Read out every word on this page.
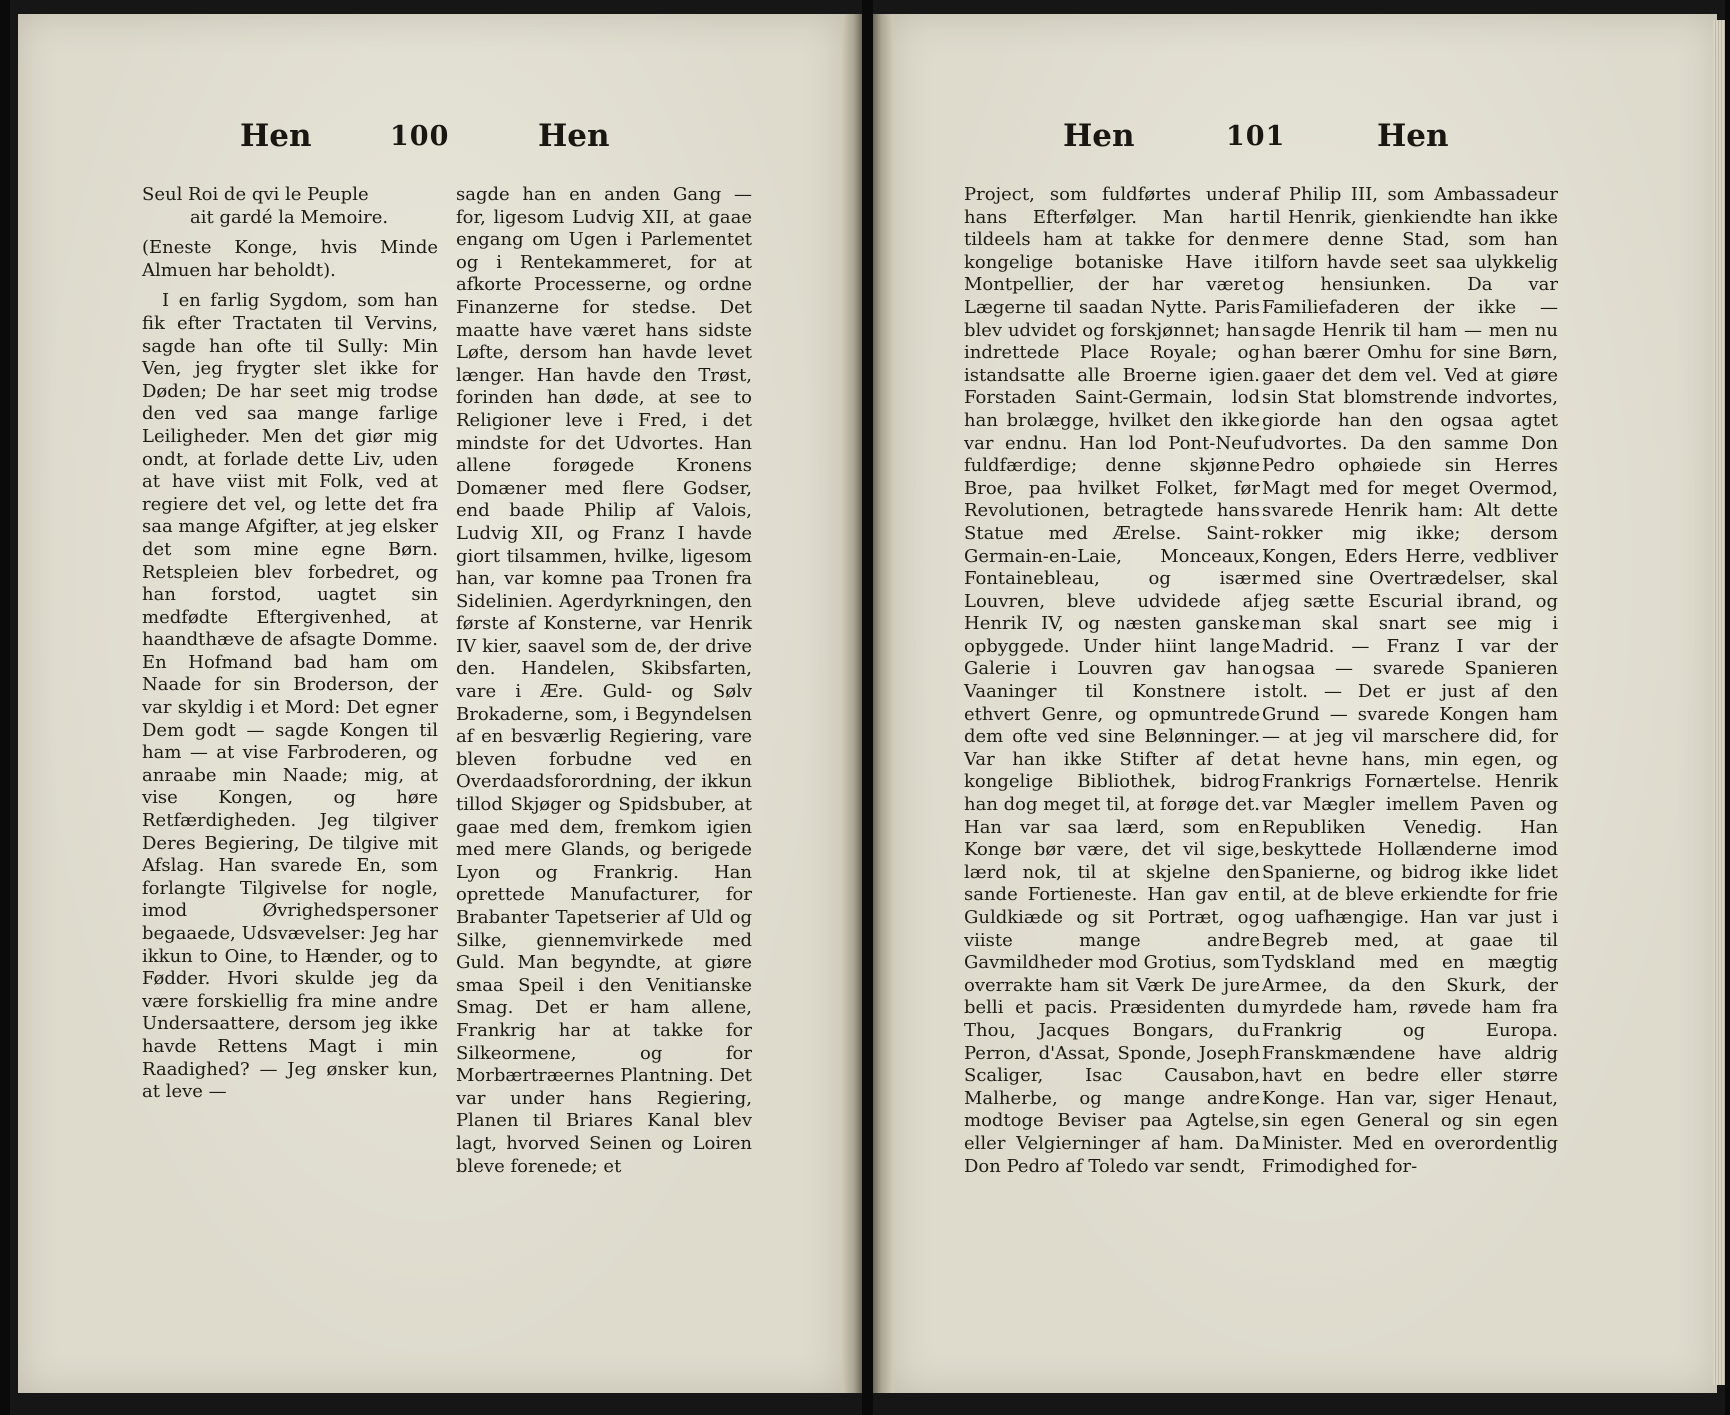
Hen	100	Hen

Seul Roi de qvi le Peuple

ait gardé la Memoire.

(Eneste Konge, hvis Minde Almuen har beholdt).

I en farlig Sygdom, som han fik efter Tractaten til Vervins, sagde han ofte til Sully: Min Ven, jeg frygter slet ikke for Døden; De har seet mig trodse den ved saa mange farlige Leiligheder. Men det giør mig ondt, at forlade dette Liv, uden at have viist mit Folk, ved at regiere det vel, og lette det fra saa mange Afgifter, at jeg elsker det som mine egne Børn. Retspleien blev forbedret, og han forstod, uagtet sin medfødte Eftergivenhed, at haandthæve de afsagte Domme. En Hofmand bad ham om Naade for sin Broderson, der var skyldig i et Mord: Det egner Dem godt — sagde Kongen til ham — at vise Farbroderen, og anraabe min Naade; mig, at vise Kongen, og høre Retfærdigheden. Jeg tilgiver Deres Begiering, De tilgive mit Afslag. Han svarede En, som forlangte Tilgivelse for nogle, imod Øvrighedspersoner begaaede, Udsvævelser: Jeg har ikkun to Oine, to Hænder, og to Fødder. Hvori skulde jeg da være forskiellig fra mine andre Undersaattere, dersom jeg ikke havde Rettens Magt i min Raadighed? — Jeg ønsker kun, at leve —

sagde han en anden Gang — for, ligesom Ludvig XII, at gaae engang om Ugen i Parlementet og i Rentekammeret, for at afkorte Processerne, og ordne Finanzerne for stedse. Det maatte have været hans sidste Løfte, dersom han havde levet længer. Han havde den Trøst, forinden han døde, at see to Religioner leve i Fred, i det mindste for det Udvortes. Han allene forøgede Kronens Domæner med flere Godser, end baade Philip af Valois, Ludvig XII, og Franz I havde giort tilsammen, hvilke, ligesom han, var komne paa Tronen fra Sidelinien. Agerdyrkningen, den første af Konsterne, var Henrik IV kier, saavel som de, der drive den. Handelen, Skibsfarten, vare i Ære. Guld- og Sølv Brokaderne, som, i Begyndelsen af en besværlig Regiering, vare bleven forbudne ved en Overdaadsforordning, der ikkun tillod Skjøger og Spidsbuber, at gaae med dem, fremkom igien med mere Glands, og berigede Lyon og Frankrig. Han oprettede Manufacturer, for Brabanter Tapetserier af Uld og Silke, giennemvirkede med Guld. Man begyndte, at giøre smaa Speil i den Venitianske Smag. Det er ham allene, Frankrig har at takke for Silkeormene, og for Morbærtræernes Plantning. Det var under hans Regiering, Planen til Briares Kanal blev lagt, hvorved Seinen og Loiren bleve forenede; et

Hen	101	Hen

Project, som fuldførtes under hans Efterfølger. Man har tildeels ham at takke for den kongelige botaniske Have i Montpellier, der har været Lægerne til saadan Nytte. Paris blev udvidet og forskjønnet; han indrettede Place Royale; og istandsatte alle Broerne igien. Forstaden Saint-Germain, lod han brolægge, hvilket den ikke var endnu. Han lod Pont-Neuf fuldfærdige; denne skjønne Broe, paa hvilket Folket, før Revolutionen, betragtede hans Statue med Ærelse. Saint-Germain-en-Laie, Monceaux, Fontainebleau, og især Louvren, bleve udvidede af Henrik IV, og næsten ganske opbyggede. Under hiint lange Galerie i Louvren gav han Vaaninger til Konstnere i ethvert Genre, og opmuntrede dem ofte ved sine Belønninger. Var han ikke Stifter af det kongelige Bibliothek, bidrog han dog meget til, at forøge det. Han var saa lærd, som en Konge bør være, det vil sige, lærd nok, til at skjelne den sande Fortieneste. Han gav en Guldkiæde og sit Portræt, og viiste mange andre Gavmildheder mod Grotius, som overrakte ham sit Værk De jure belli et pacis. Præsidenten du Thou, Jacques Bongars, du Perron, d'Assat, Sponde, Joseph Scaliger, Isac Causabon, Malherbe, og mange andre modtoge Beviser paa Agtelse, eller Velgierninger af ham. Da Don Pedro af Toledo var sendt,

af Philip III, som Ambassadeur til Henrik, gienkiendte han ikke mere denne Stad, som han tilforn havde seet saa ulykkelig og hensiunken. Da var Familiefaderen der ikke — sagde Henrik til ham — men nu han bærer Omhu for sine Børn, gaaer det dem vel. Ved at giøre sin Stat blomstrende indvortes, giorde han den ogsaa agtet udvortes. Da den samme Don Pedro ophøiede sin Herres Magt med for meget Overmod, svarede Henrik ham: Alt dette rokker mig ikke; dersom Kongen, Eders Herre, vedbliver med sine Overtrædelser, skal jeg sætte Escurial ibrand, og man skal snart see mig i Madrid. — Franz I var der ogsaa — svarede Spanieren stolt. — Det er just af den Grund — svarede Kongen ham — at jeg vil marschere did, for at hevne hans, min egen, og Frankrigs Fornærtelse. Henrik var Mægler imellem Paven og Republiken Venedig. Han beskyttede Hollænderne imod Spanierne, og bidrog ikke lidet til, at de bleve erkiendte for frie og uafhængige. Han var just i Begreb med, at gaae til Tydskland med en mægtig Armee, da den Skurk, der myrdede ham, røvede ham fra Frankrig og Europa. Franskmændene have aldrig havt en bedre eller større Konge. Han var, siger Henaut, sin egen General og sin egen Minister. Med en overordentlig Frimodighed for-
